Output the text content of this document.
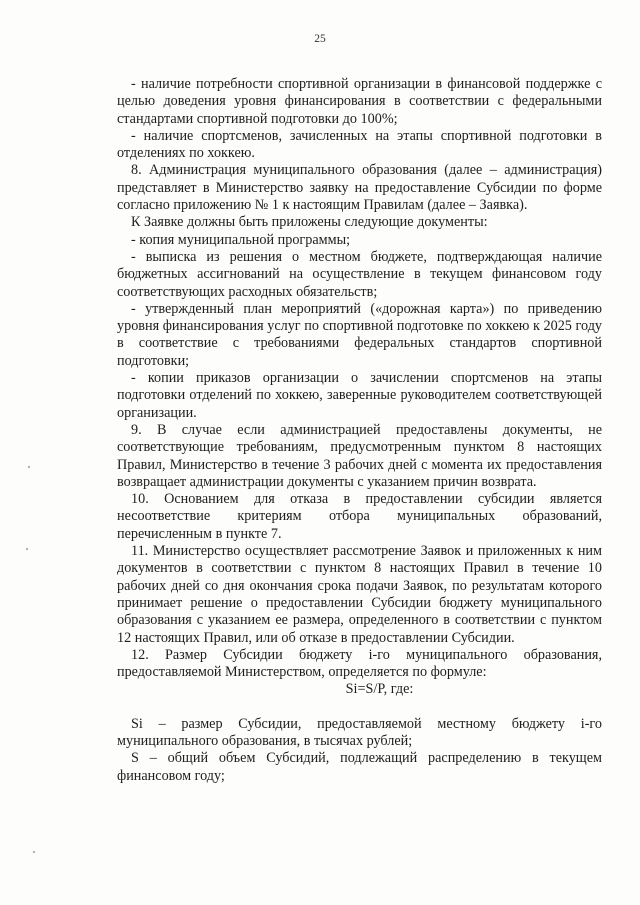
25

- наличие потребности спортивной организации в финансовой поддержке с целью доведения уровня финансирования в соответствии с федеральными стандартами спортивной подготовки до 100%;

- наличие спортсменов, зачисленных на этапы спортивной подготовки в отделениях по хоккею.

8. Администрация муниципального образования (далее – администрация) представляет в Министерство заявку на предоставление Субсидии по форме согласно приложению № 1 к настоящим Правилам (далее – Заявка).

К Заявке должны быть приложены следующие документы:

- копия муниципальной программы;

- выписка из решения о местном бюджете, подтверждающая наличие бюджетных ассигнований на осуществление в текущем финансовом году соответствующих расходных обязательств;

- утвержденный план мероприятий («дорожная карта») по приведению уровня финансирования услуг по спортивной подготовке по хоккею к 2025 году в соответствие с требованиями федеральных стандартов спортивной подготовки;

- копии приказов организации о зачислении спортсменов на этапы подготовки отделений по хоккею, заверенные руководителем соответствующей организации.

9. В случае если администрацией предоставлены документы, не соответствующие требованиям, предусмотренным пунктом 8 настоящих Правил, Министерство в течение 3 рабочих дней с момента их предоставления возвращает администрации документы с указанием причин возврата.

10. Основанием для отказа в предоставлении субсидии является несоответствие критериям отбора муниципальных образований, перечисленным в пункте 7.

11. Министерство осуществляет рассмотрение Заявок и приложенных к ним документов в соответствии с пунктом 8 настоящих Правил в течение 10 рабочих дней со дня окончания срока подачи Заявок, по результатам которого принимает решение о предоставлении Субсидии бюджету муниципального образования с указанием ее размера, определенного в соответствии с пунктом 12 настоящих Правил, или об отказе в предоставлении Субсидии.

12. Размер Субсидии бюджету i-го муниципального образования, предоставляемой Министерством, определяется по формуле:

Si=S/P, где:

Si – размер Субсидии, предоставляемой местному бюджету i-го муниципального образования, в тысячах рублей;

S – общий объем Субсидий, подлежащий распределению в текущем финансовом году;
